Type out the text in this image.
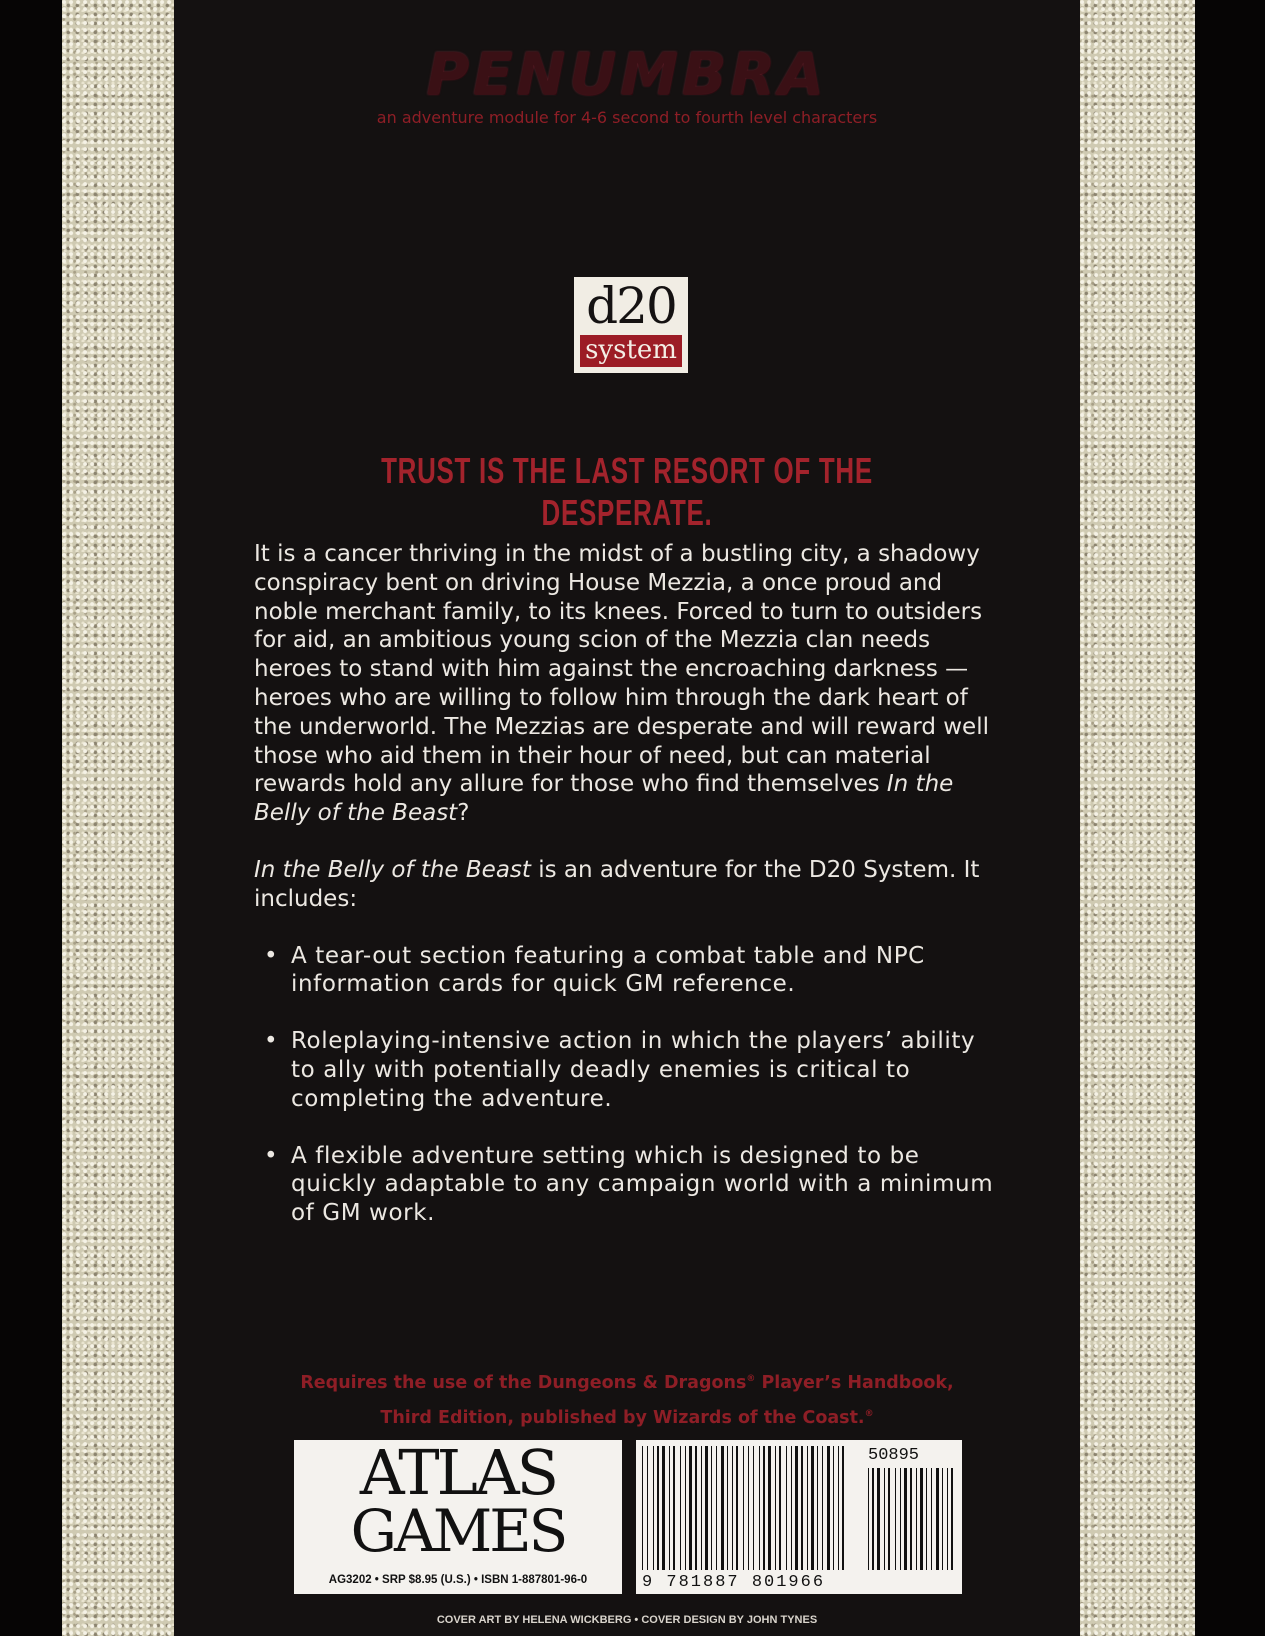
PENUMBRA
an adventure module for 4-6 second to fourth level characters
d20
system
TRUST IS THE LAST RESORT OF THE DESPERATE.

It is a cancer thriving in the midst of a bustling city, a shadowy conspiracy bent on driving House Mezzia, a once proud and noble merchant family, to its knees. Forced to turn to outsiders for aid, an ambitious young scion of the Mezzia clan needs heroes to stand with him against the encroaching darkness — heroes who are willing to follow him through the dark heart of the underworld. The Mezzias are desperate and will reward well those who aid them in their hour of need, but can material rewards hold any allure for those who find themselves In the Belly of the Beast?

In the Belly of the Beast is an adventure for the D20 System. It includes:

• A tear-out section featuring a combat table and NPC information cards for quick GM reference.
• Roleplaying-intensive action in which the players’ ability to ally with potentially deadly enemies is critical to completing the adventure.
• A flexible adventure setting which is designed to be quickly adaptable to any campaign world with a minimum of GM work.
Requires the use of the Dungeons & Dragons® Player’s Handbook,
Third Edition, published by Wizards of the Coast.®
ATLAS
GAMES
AG3202 • SRP $8.95 (U.S.) • ISBN 1-887801-96-0
50895
9 781887 801966
COVER ART BY HELENA WICKBERG • COVER DESIGN BY JOHN TYNES
